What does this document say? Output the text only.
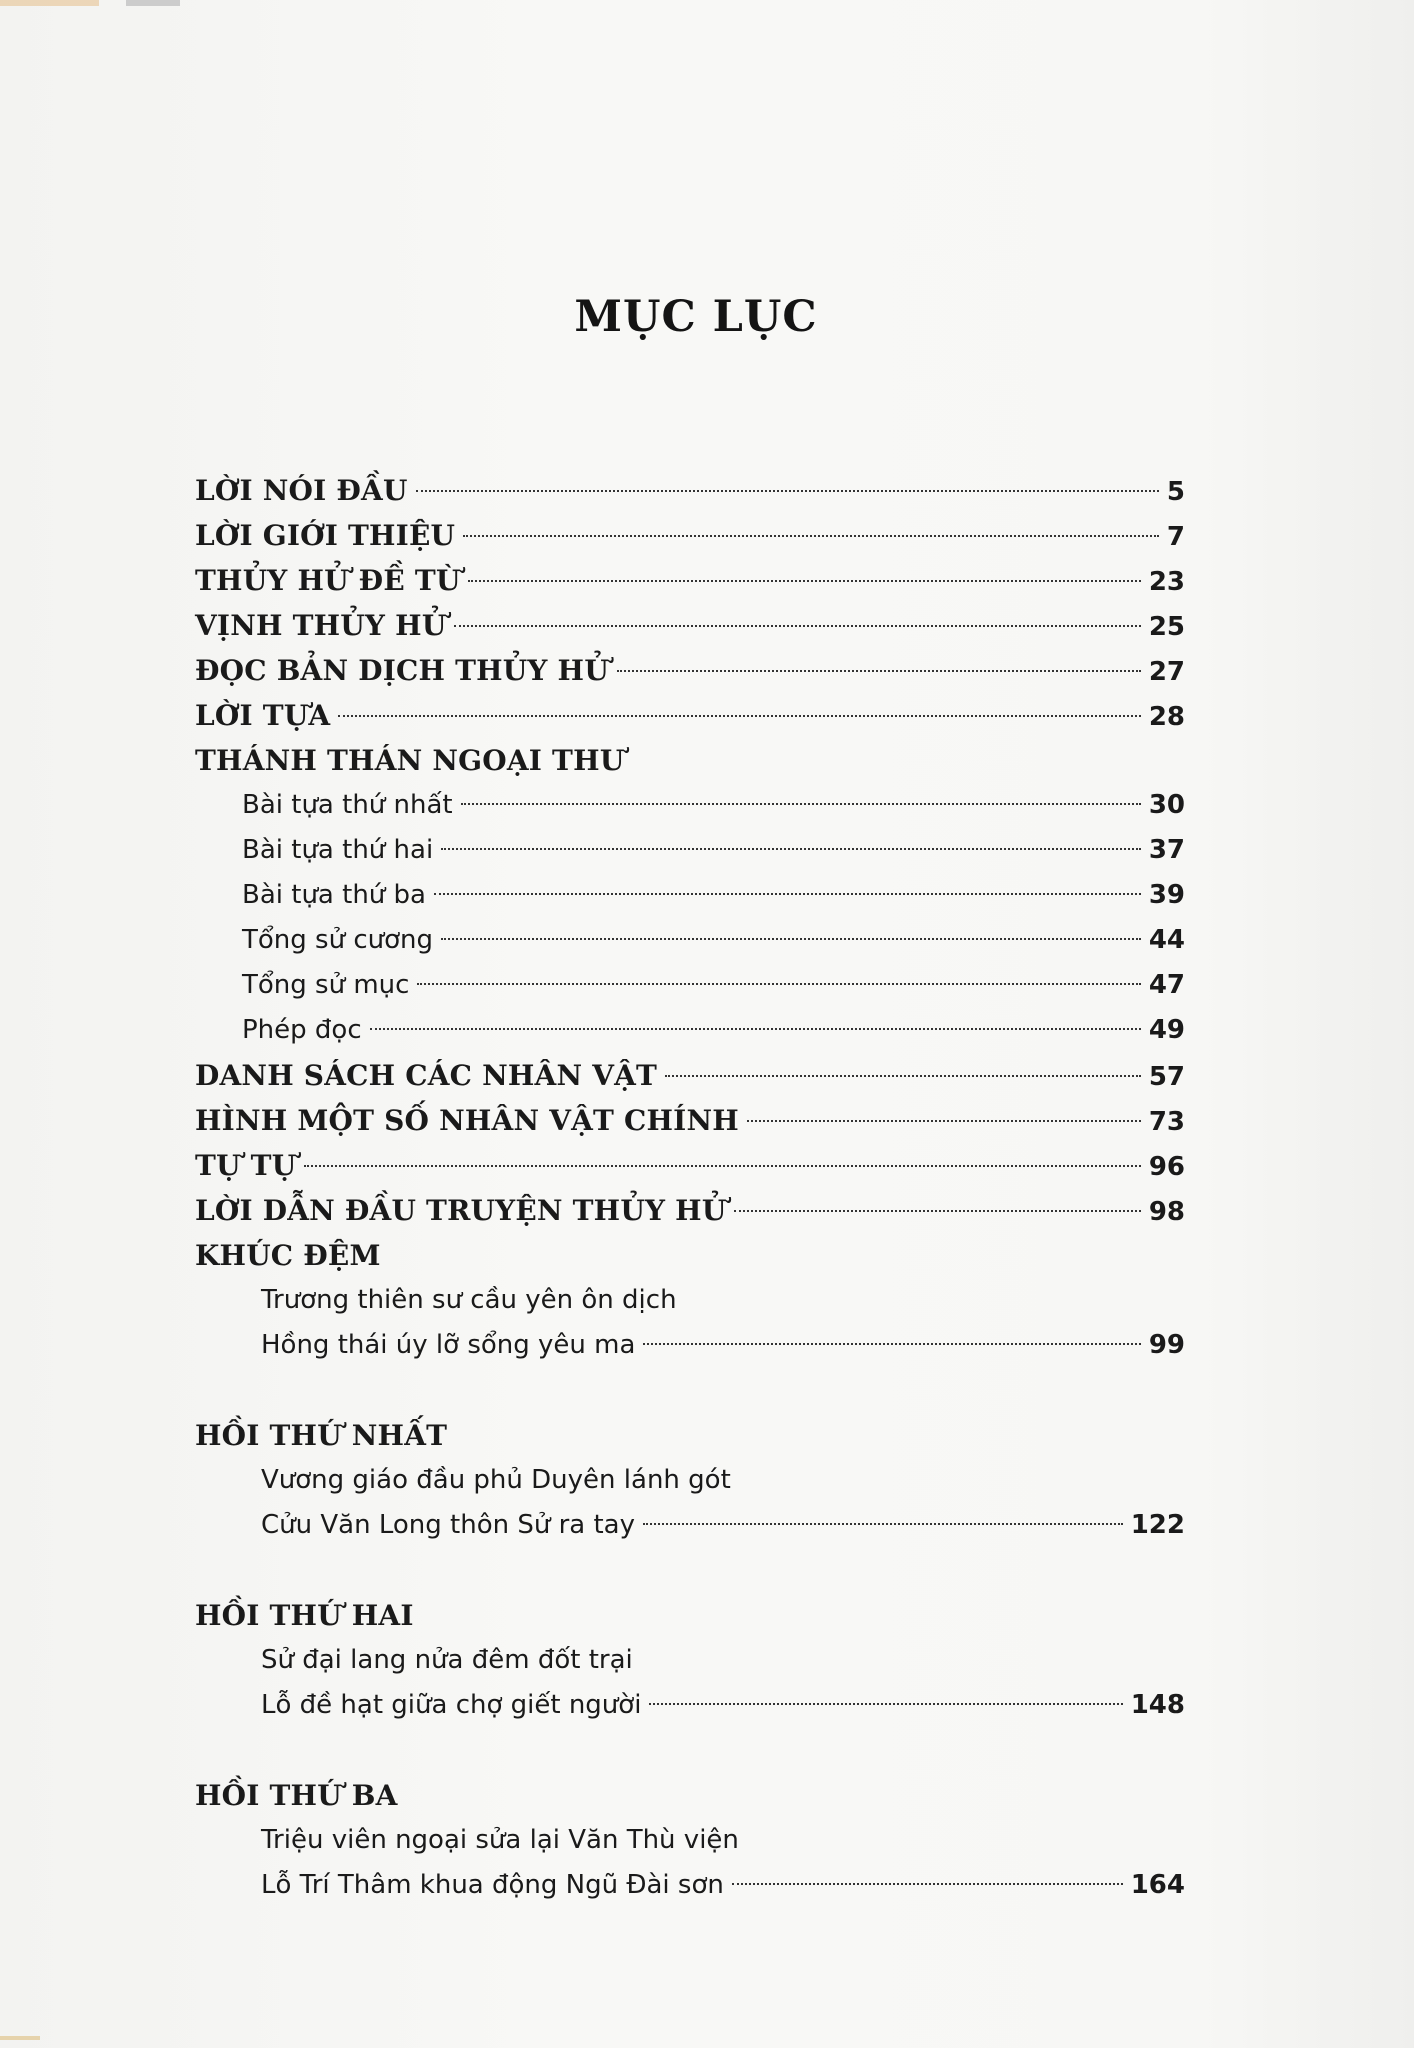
MỤC LỤC
LỜI NÓI ĐẦU	5
LỜI GIỚI THIỆU	7
THỦY HỬ ĐỀ TỪ	23
VỊNH THỦY HỬ	25
ĐỌC BẢN DỊCH THỦY HỬ	27
LỜI TỰA	28
THÁNH THÁN NGOẠI THƯ
Bài tựa thứ nhất	30
Bài tựa thứ hai	37
Bài tựa thứ ba	39
Tổng sử cương	44
Tổng sử mục	47
Phép đọc	49
DANH SÁCH CÁC NHÂN VẬT	57
HÌNH MỘT SỐ NHÂN VẬT CHÍNH	73
TỰ TỰ	96
LỜI DẪN ĐẦU TRUYỆN THỦY HỬ	98
KHÚC ĐỆM
Trương thiên sư cầu yên ôn dịch
Hồng thái úy lỡ sổng yêu ma	99
HỒI THỨ NHẤT
Vương giáo đầu phủ Duyên lánh gót
Cửu Văn Long thôn Sử ra tay	122
HỒI THỨ HAI
Sử đại lang nửa đêm đốt trại
Lỗ đề hạt giữa chợ giết người	148
HỒI THỨ BA
Triệu viên ngoại sửa lại Văn Thù viện
Lỗ Trí Thâm khua động Ngũ Đài sơn	164
